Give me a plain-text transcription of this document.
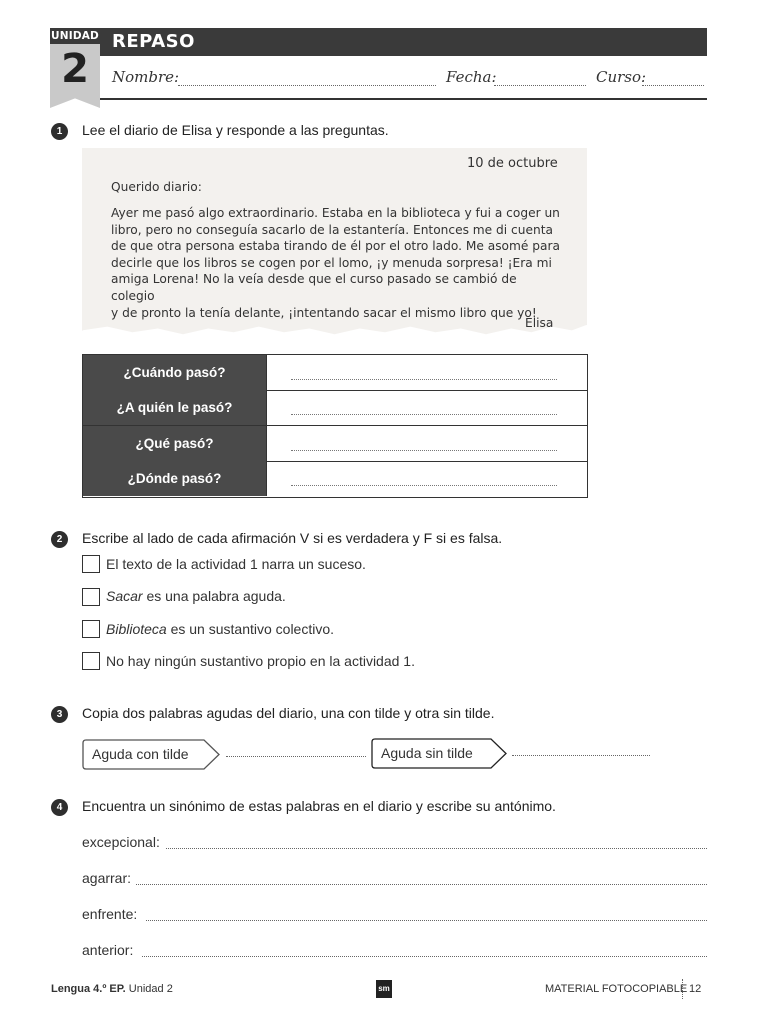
UNIDAD
2
REPASO
Nombre:	Fecha:	Curso:
1	Lee el diario de Elisa y responde a las preguntas.
10 de octubre
Querido diario:
Ayer me pasó algo extraordinario. Estaba en la biblioteca y fui a coger un
libro, pero no conseguía sacarlo de la estantería. Entonces me di cuenta
de que otra persona estaba tirando de él por el otro lado. Me asomé para
decirle que los libros se cogen por el lomo, ¡y menuda sorpresa! ¡Era mi
amiga Lorena! No la veía desde que el curso pasado se cambió de colegio
y de pronto la tenía delante, ¡intentando sacar el mismo libro que yo!
Elisa
¿Cuándo pasó?
¿A quién le pasó?
¿Qué pasó?
¿Dónde pasó?
2	Escribe al lado de cada afirmación V si es verdadera y F si es falsa.
El texto de la actividad 1 narra un suceso.
Sacar es una palabra aguda.
Biblioteca es un sustantivo colectivo.
No hay ningún sustantivo propio en la actividad 1.
3	Copia dos palabras agudas del diario, una con tilde y otra sin tilde.
Aguda con tilde	Aguda sin tilde
4	Encuentra un sinónimo de estas palabras en el diario y escribe su antónimo.
excepcional:
agarrar:
enfrente:
anterior:
Lengua 4.º EP. Unidad 2	sm	MATERIAL FOTOCOPIABLE 12
